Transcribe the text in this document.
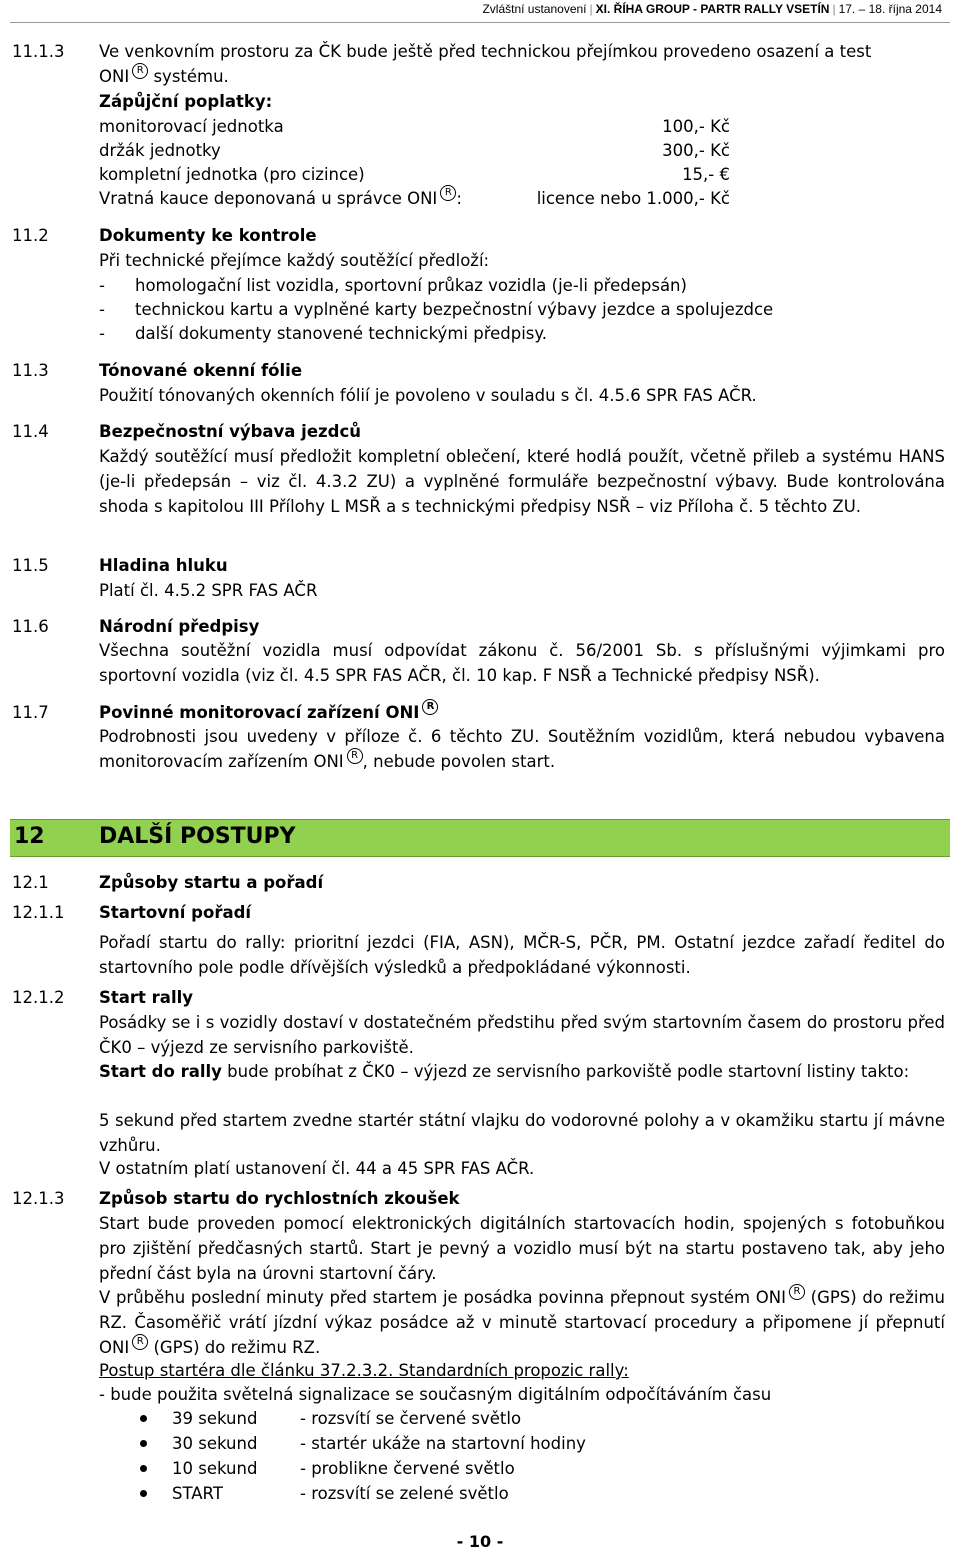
Zvláštní ustanovení | XI. ŘÍHA GROUP - PARTR RALLY VSETÍN | 17. – 18. října 2014
11.1.3 Ve venkovním prostoru za ČK bude ještě před technickou přejímkou provedeno osazení a test
ONI R systému.
Zápůjční poplatky:
monitorovací jednotka	100,- Kč
držák jednotky	300,- Kč
kompletní jednotka (pro cizince)	15,- €
Vratná kauce deponovaná u správce ONI R :	licence nebo 1.000,- Kč
11.2	Dokumenty ke kontrole
Při technické přejímce každý soutěžící předloží:
- homologační list vozidla, sportovní průkaz vozidla (je-li předepsán)
- technickou kartu a vyplněné karty bezpečnostní výbavy jezdce a spolujezdce
- další dokumenty stanovené technickými předpisy.
11.3	Tónované okenní fólie
Použití tónovaných okenních fólií je povoleno v souladu s čl. 4.5.6 SPR FAS AČR.
11.4	Bezpečnostní výbava jezdců
Každý soutěžící musí předložit kompletní oblečení, které hodlá použít, včetně přileb a systému HANS (je-li předepsán – viz čl. 4.3.2 ZU) a vyplněné formuláře bezpečnostní výbavy. Bude kontrolována shoda s kapitolou III Přílohy L MSŘ a s technickými předpisy NSŘ – viz Příloha č. 5 těchto ZU.
11.5	Hladina hluku
Platí čl. 4.5.2 SPR FAS AČR
11.6	Národní předpisy
Všechna soutěžní vozidla musí odpovídat zákonu č. 56/2001 Sb. s příslušnými výjimkami pro sportovní vozidla (viz čl. 4.5 SPR FAS AČR, čl. 10 kap. F NSŘ a Technické předpisy NSŘ).
11.7	Povinné monitorovací zařízení ONI R
Podrobnosti jsou uvedeny v příloze č. 6 těchto ZU. Soutěžním vozidlům, která nebudou vybavena monitorovacím zařízením ONI R , nebude povolen start.
12 DALŠÍ POSTUPY
12.1	Způsoby startu a pořadí
12.1.1 Startovní pořadí
Pořadí startu do rally: prioritní jezdci (FIA, ASN), MČR-S, PČR, PM. Ostatní jezdce zařadí ředitel do startovního pole podle dřívějších výsledků a předpokládané výkonnosti.
12.1.2 Start rally
Posádky se i s vozidly dostaví v dostatečném předstihu před svým startovním časem do prostoru před ČK0 – výjezd ze servisního parkoviště.
Start do rally bude probíhat z ČK0 – výjezd ze servisního parkoviště podle startovní listiny takto:
5 sekund před startem zvedne startér státní vlajku do vodorovné polohy a v okamžiku startu jí mávne vzhůru.
V ostatním platí ustanovení čl. 44 a 45 SPR FAS AČR.
12.1.3 Způsob startu do rychlostních zkoušek
Start bude proveden pomocí elektronických digitálních startovacích hodin, spojených s fotobuňkou pro zjištění předčasných startů. Start je pevný a vozidlo musí být na startu postaveno tak, aby jeho přední část byla na úrovni startovní čáry.
V průběhu poslední minuty před startem je posádka povinna přepnout systém ONI R (GPS) do režimu RZ. Časoměřič vrátí jízdní výkaz posádce až v minutě startovací procedury a připomene jí přepnutí ONI R (GPS) do režimu RZ.
Postup startéra dle článku 37.2.3.2. Standardních propozic rally:
- bude použita světelná signalizace se současným digitálním odpočítáváním času
39 sekund	- rozsvítí se červené světlo
30 sekund	- startér ukáže na startovní hodiny
10 sekund	- problikne červené světlo
START	- rozsvítí se zelené světlo
- 10 -
